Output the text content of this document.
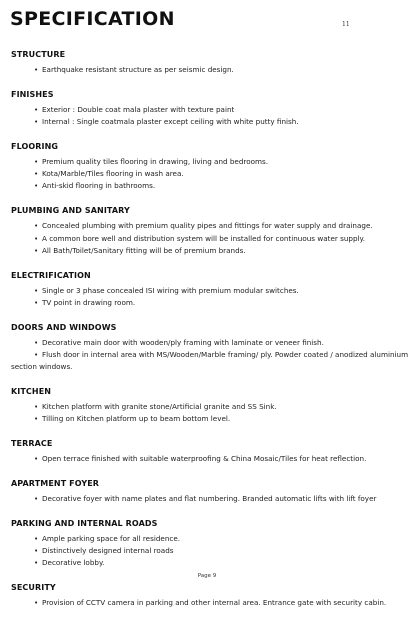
SPECIFICATION	11
STRUCTURE
• Earthquake resistant structure as per seismic design.
FINISHES
• Exterior : Double coat mala plaster with texture paint
• Internal : Single coatmala plaster except ceiling with white putty finish.
FLOORING
• Premium quality tiles flooring in drawing, living and bedrooms.
• Kota/Marble/Tiles flooring in wash area.
• Anti-skid flooring in bathrooms.
PLUMBING AND SANITARY
• Concealed plumbing with premium quality pipes and fittings for water supply and drainage.
• A common bore well and distribution system will be installed for continuous water supply.
• All Bath/Toilet/Sanitary fitting will be of premium brands.
ELECTRIFICATION
• Single or 3 phase concealed ISI wiring with premium modular switches.
• TV point in drawing room.
DOORS AND WINDOWS
• Decorative main door with wooden/ply framing with laminate or veneer finish.
• Flush door in internal area with MS/Wooden/Marble framing/ ply. Powder coated / anodized aluminium section windows.
KITCHEN
• Kitchen platform with granite stone/Artificial granite and SS Sink.
• Tilling on Kitchen platform up to beam bottom level.
TERRACE
• Open terrace finished with suitable waterproofing & China Mosaic/Tiles for heat reflection.
APARTMENT FOYER
• Decorative foyer with name plates and flat numbering. Branded automatic lifts with lift foyer
PARKING AND INTERNAL ROADS
• Ample parking space for all residence.
• Distinctively designed internal roads
• Decorative lobby.
SECURITY
• Provision of CCTV camera in parking and other internal area. Entrance gate with security cabin.
Page 9
